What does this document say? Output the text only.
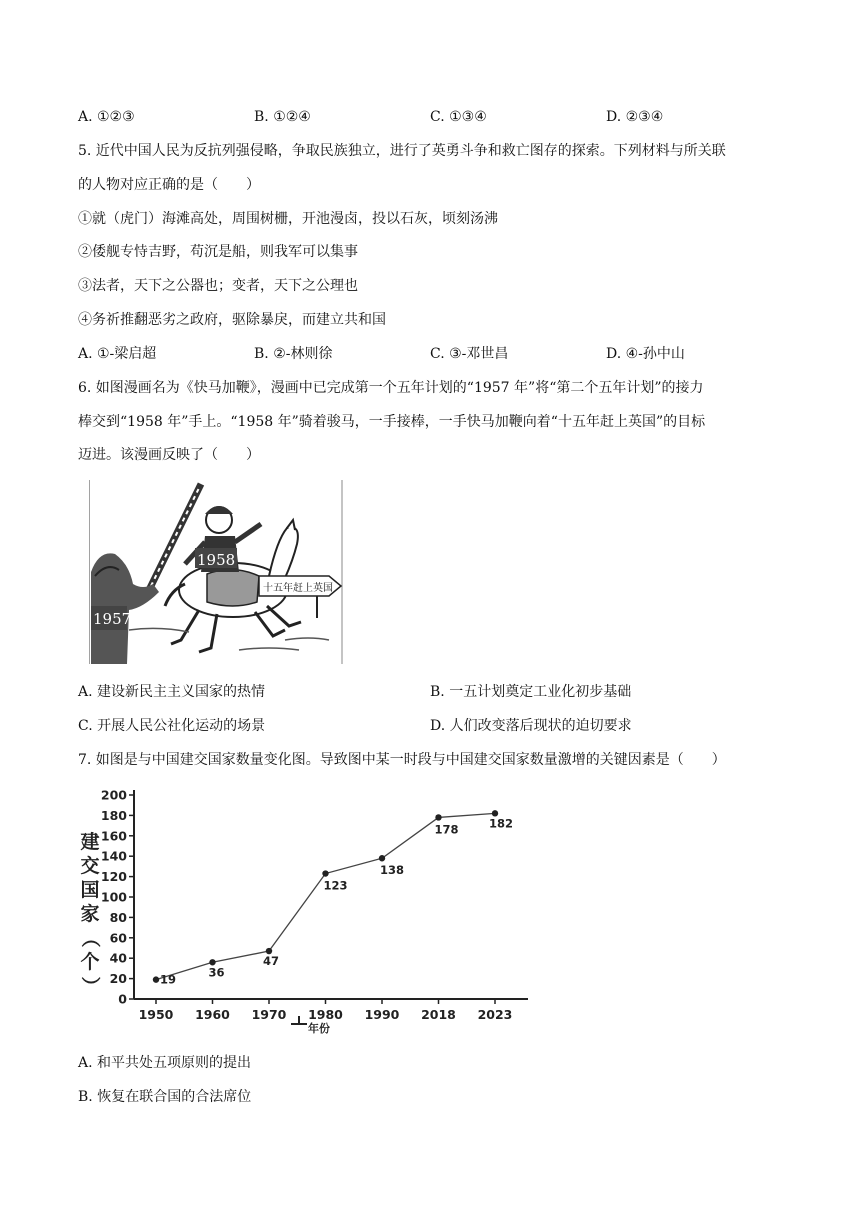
A. ①②③	B. ①②④	C. ①③④	D. ②③④
5. 近代中国人民为反抗列强侵略，争取民族独立，进行了英勇斗争和救亡图存的探索。下列材料与所关联
的人物对应正确的是（　　）
①就（虎门）海滩高处，周围树栅，开池漫卤，投以石灰，顷刻汤沸
②倭舰专恃吉野，苟沉是船，则我军可以集事
③法者，天下之公器也；变者，天下之公理也
④务祈推翻恶劣之政府，驱除暴戾，而建立共和国
A. ①-梁启超	B. ②-林则徐	C. ③-邓世昌	D. ④-孙中山
6. 如图漫画名为《快马加鞭》，漫画中已完成第一个五年计划的“1957 年”将“第二个五年计划”的接力
棒交到“1958 年”手上。“1958 年”骑着骏马，一手接棒，一手快马加鞭向着“十五年赶上英国”的目标
迈进。该漫画反映了（　　）
1957
1958
十五年赶上英国
A. 建设新民主主义国家的热情	B. 一五计划奠定工业化初步基础
C. 开展人民公社化运动的场景	D. 人们改变落后现状的迫切要求
7. 如图是与中国建交国家数量变化图。导致图中某一时段与中国建交国家数量激增的关键因素是（　　）
建
交
国
家
（
个
）
0
20
40
60
80
100
120
140
160
180
200
1950 1960 1970 1980 1990 2018 2023
19
36
47
123
138
178	182
年份
A. 和平共处五项原则的提出
B. 恢复在联合国的合法席位
